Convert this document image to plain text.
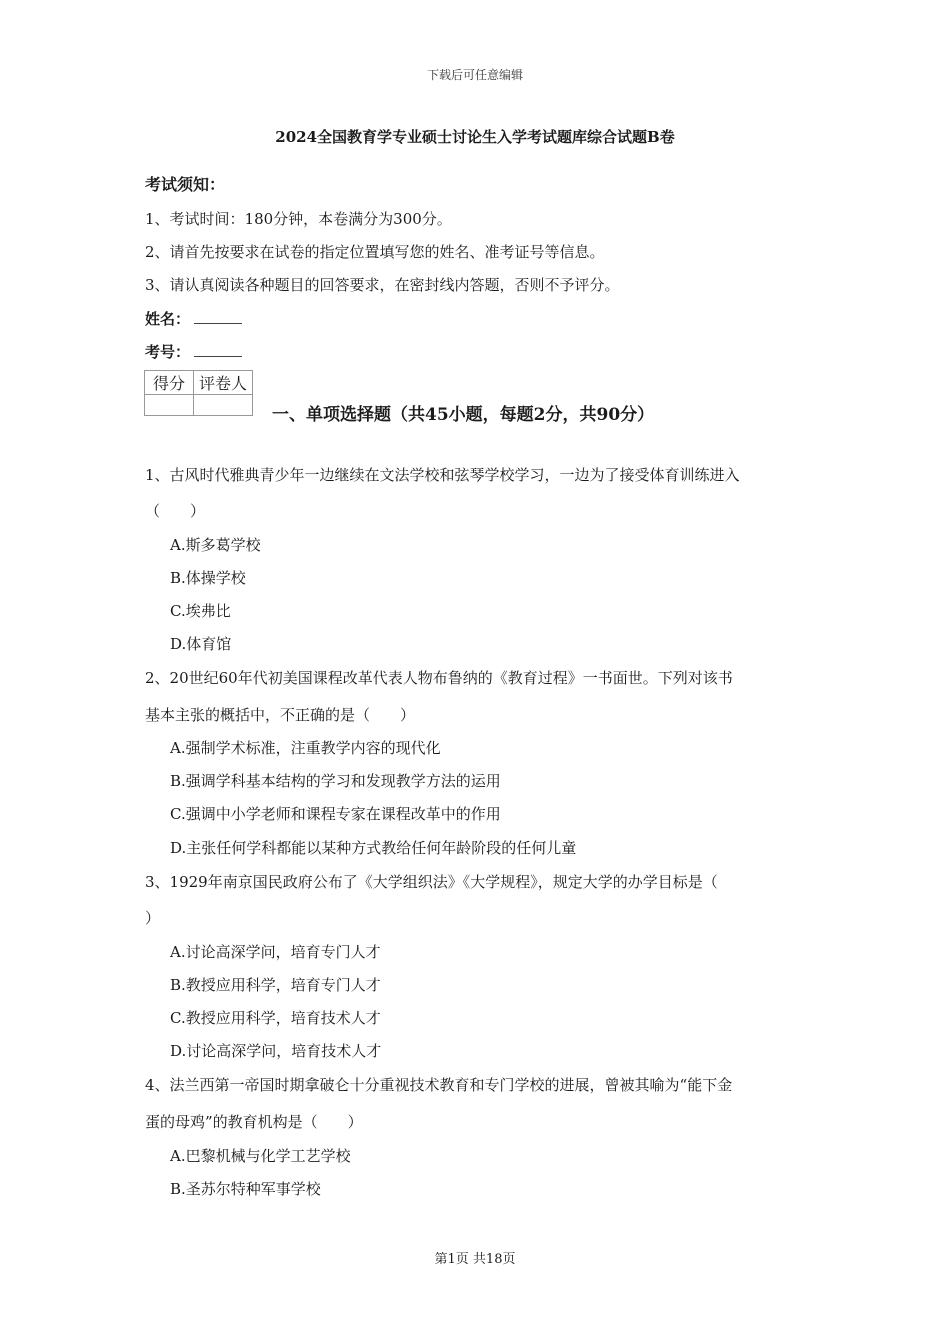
下载后可任意编辑
2024全国教育学专业硕士讨论生入学考试题库综合试题B卷
考试须知：
1、考试时间：180分钟，本卷满分为300分。
2、请首先按要求在试卷的指定位置填写您的姓名、准考证号等信息。
3、请认真阅读各种题目的回答要求，在密封线内答题，否则不予评分。
姓名：
考号：
得分	评卷人

一、单项选择题（共45小题，每题2分，共90分）
1、古风时代雅典青少年一边继续在文法学校和弦琴学校学习，一边为了接受体育训练进入
（　　）
A.斯多葛学校
B.体操学校
C.埃弗比
D.体育馆
2、20世纪60年代初美国课程改革代表人物布鲁纳的《教育过程》一书面世。下列对该书
基本主张的概括中，不正确的是（　　）
A.强制学术标准，注重教学内容的现代化
B.强调学科基本结构的学习和发现教学方法的运用
C.强调中小学老师和课程专家在课程改革中的作用
D.主张任何学科都能以某种方式教给任何年龄阶段的任何儿童
3、1929年南京国民政府公布了《大学组织法》《大学规程》，规定大学的办学目标是（
）
A.讨论高深学问，培育专门人才
B.教授应用科学，培育专门人才
C.教授应用科学，培育技术人才
D.讨论高深学问，培育技术人才
4、法兰西第一帝国时期拿破仑十分重视技术教育和专门学校的进展，曾被其喻为“能下金
蛋的母鸡”的教育机构是（　　）
A.巴黎机械与化学工艺学校
B.圣苏尔特种军事学校
第1页 共18页
